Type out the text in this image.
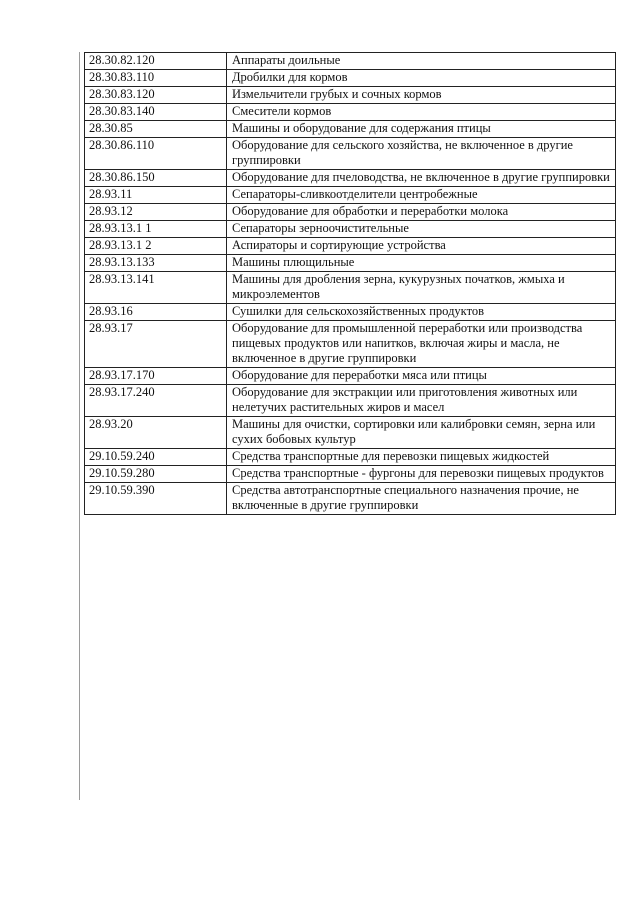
28.30.82.120	Аппараты доильные
28.30.83.110	Дробилки для кормов
28.30.83.120	Измельчители грубых и сочных кормов
28.30.83.140	Смесители кормов
28.30.85	Машины и оборудование для содержания птицы
28.30.86.110	Оборудование для сельского хозяйства, не включенное в другие группировки
28.30.86.150	Оборудование для пчеловодства, не включенное в другие группировки
28.93.11	Сепараторы-сливкоотделители центробежные
28.93.12	Оборудование для обработки и переработки молока
28.93.13.1 1	Сепараторы зерноочистительные
28.93.13.1 2	Аспираторы и сортирующие устройства
28.93.13.133	Машины плющильные
28.93.13.141	Машины для дробления зерна, кукурузных початков, жмыха и микроэлементов
28.93.16	Сушилки для сельскохозяйственных продуктов
28.93.17	Оборудование для промышленной переработки или производства пищевых продуктов или напитков, включая жиры и масла, не включенное в другие группировки
28.93.17.170	Оборудование для переработки мяса или птицы
28.93.17.240	Оборудование для экстракции или приготовления животных или нелетучих растительных жиров и масел
28.93.20	Машины для очистки, сортировки или калибровки семян, зерна или сухих бобовых культур
29.10.59.240	Средства транспортные для перевозки пищевых жидкостей
29.10.59.280	Средства транспортные - фургоны для перевозки пищевых продуктов
29.10.59.390	Средства автотранспортные специального назначения прочие, не включенные в другие группировки
